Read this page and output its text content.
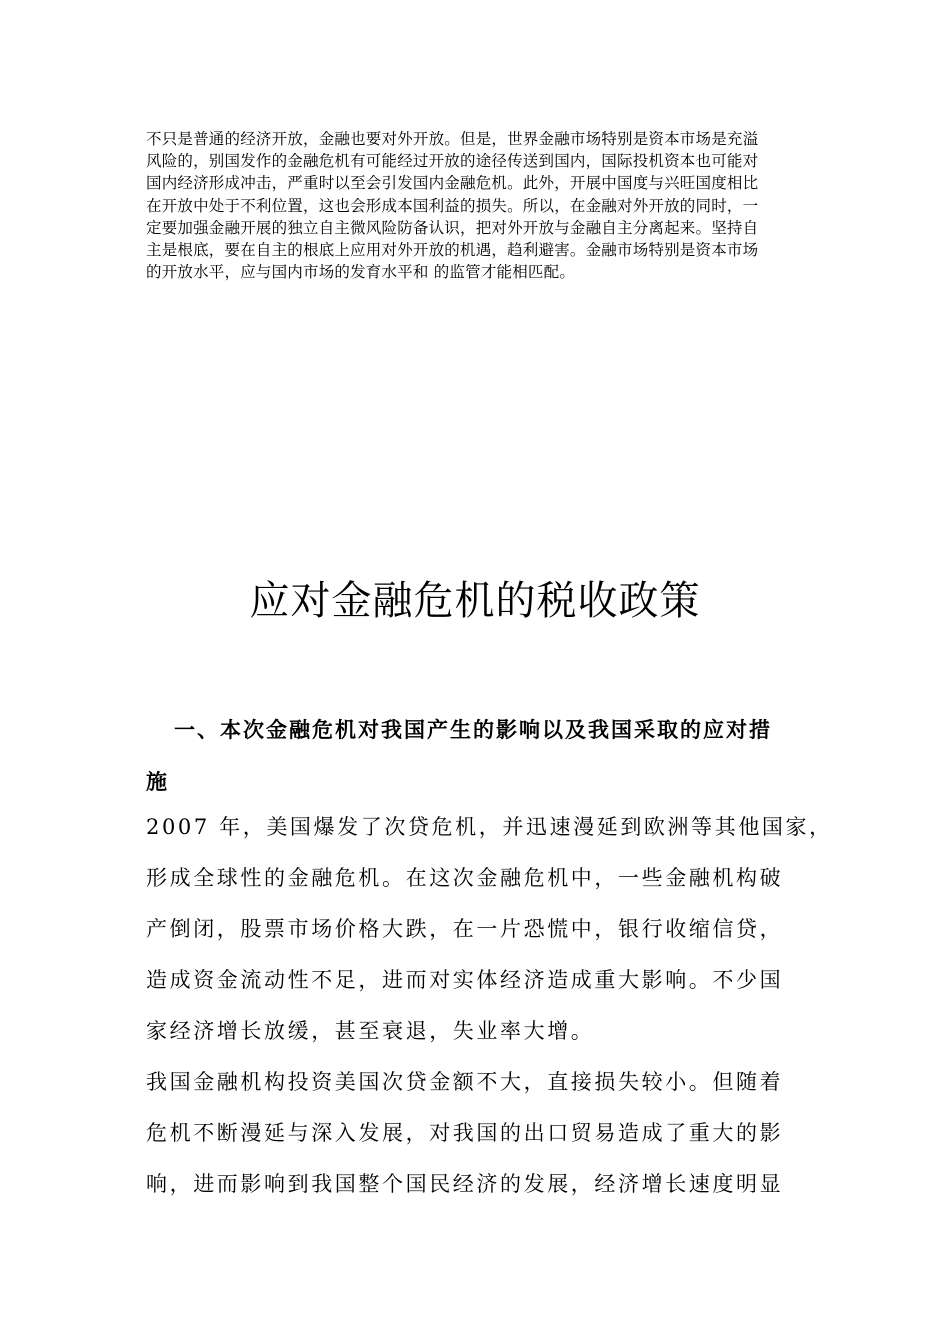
不只是普通的经济开放，金融也要对外开放。但是，世界金融市场特别是资本市场是充溢
风险的，别国发作的金融危机有可能经过开放的途径传送到国内，国际投机资本也可能对
国内经济形成冲击，严重时以至会引发国内金融危机。此外，开展中国度与兴旺国度相比
在开放中处于不利位置，这也会形成本国利益的损失。所以，在金融对外开放的同时，一
定要加强金融开展的独立自主微风险防备认识，把对外开放与金融自主分离起来。坚持自
主是根底，要在自主的根底上应用对外开放的机遇，趋利避害。金融市场特别是资本市场
的开放水平，应与国内市场的发育水平和 的监管才能相匹配。
应对金融危机的税收政策
一、本次金融危机对我国产生的影响以及我国采取的应对措
施
2007 年，美国爆发了次贷危机，并迅速漫延到欧洲等其他国家，
形成全球性的金融危机。在这次金融危机中，一些金融机构破
产倒闭，股票市场价格大跌，在一片恐慌中，银行收缩信贷，
造成资金流动性不足，进而对实体经济造成重大影响。不少国
家经济增长放缓，甚至衰退，失业率大增。
我国金融机构投资美国次贷金额不大，直接损失较小。但随着
危机不断漫延与深入发展，对我国的出口贸易造成了重大的影
响，进而影响到我国整个国民经济的发展，经济增长速度明显
